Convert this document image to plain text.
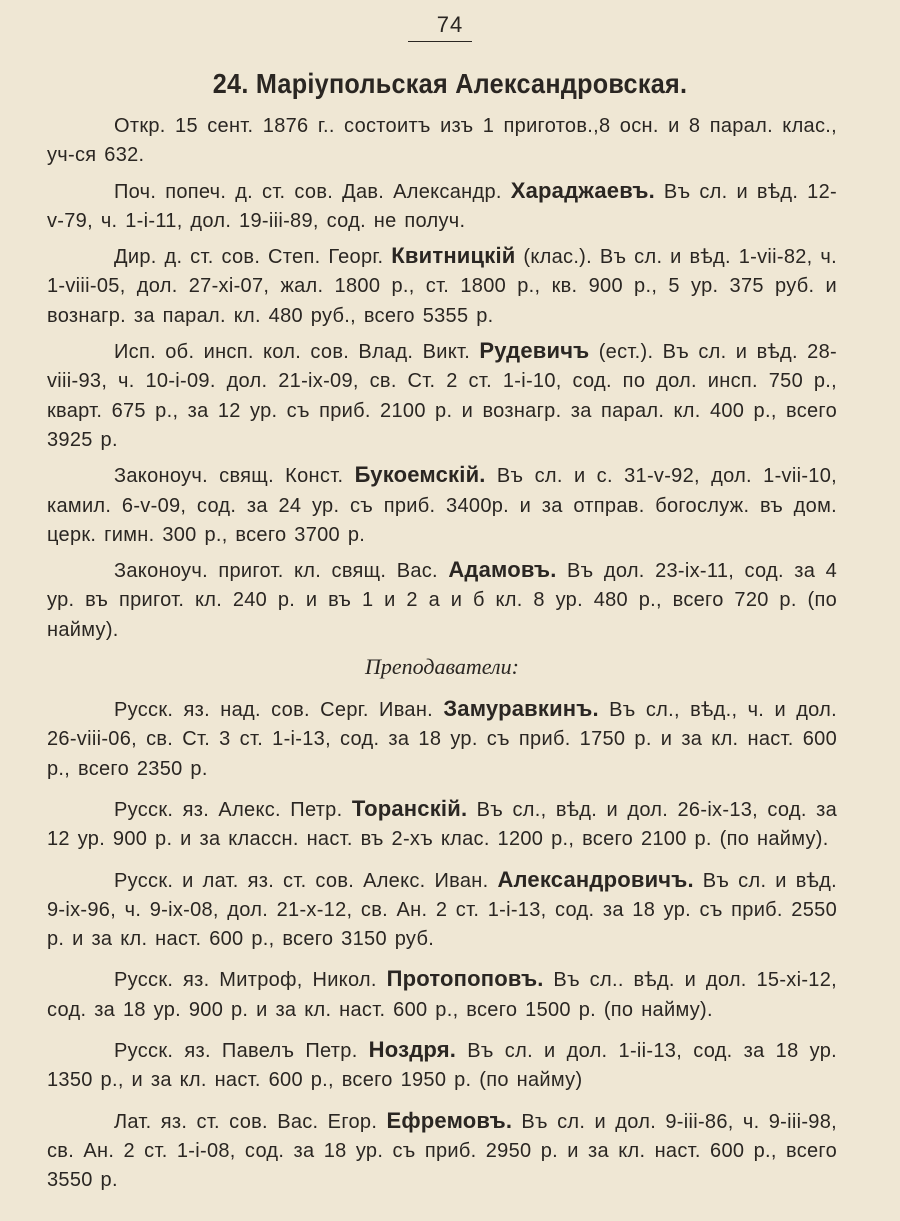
74
24. Маріупольская Александровская.

Откр. 15 сент. 1876 г.. состоитъ изъ 1 приготов.,8 осн. и 8 парал. клас., уч-ся 632.

Поч. попеч. д. ст. сов. Дав. Александр. Хараджаевъ. Въ сл. и вѣд. 12-v-79, ч. 1-i-11, дол. 19-iii-89, сод. не получ.

Дир. д. ст. сов. Степ. Георг. Квитницкій (клас.). Въ сл. и вѣд. 1-vii-82, ч. 1-viii-05, дол. 27-xi-07, жал. 1800 р., ст. 1800 р., кв. 900 р., 5 ур. 375 руб. и вознагр. за парал. кл. 480 руб., всего 5355 р.

Исп. об. инсп. кол. сов. Влад. Викт. Рудевичъ (ест.). Въ сл. и вѣд. 28-viii-93, ч. 10-i-09. дол. 21-ix-09, св. Ст. 2 ст. 1-i-10, сод. по дол. инсп. 750 р., кварт. 675 р., за 12 ур. съ приб. 2100 р. и вознагр. за парал. кл. 400 р., всего 3925 р.

Законоуч. свящ. Конст. Букоемскій. Въ сл. и с. 31-v-92, дол. 1-vii-10, камил. 6-v-09, сод. за 24 ур. съ приб. 3400р. и за отправ. богослуж. въ дом. церк. гимн. 300 р., всего 3700 р.

Законоуч. пригот. кл. свящ. Вас. Адамовъ. Въ дол. 23-ix-11, сод. за 4 ур. въ пригот. кл. 240 р. и въ 1 и 2 а и б кл. 8 ур. 480 р., всего 720 р. (по найму).

Преподаватели:

Русск. яз. над. сов. Серг. Иван. Замуравкинъ. Въ сл., вѣд., ч. и дол. 26-viii-06, св. Ст. 3 ст. 1-i-13, сод. за 18 ур. съ приб. 1750 р. и за кл. наст. 600 р., всего 2350 р.

Русск. яз. Алекс. Петр. Торанскій. Въ сл., вѣд. и дол. 26-ix-13, сод. за 12 ур. 900 р. и за классн. наст. въ 2-хъ клас. 1200 р., всего 2100 р. (по найму).

Русск. и лат. яз. ст. сов. Алекс. Иван. Александровичъ. Въ сл. и вѣд. 9-ix-96, ч. 9-ix-08, дол. 21-x-12, св. Ан. 2 ст. 1-i-13, сод. за 18 ур. съ приб. 2550 р. и за кл. наст. 600 р., всего 3150 руб.

Русск. яз. Митроф, Никол. Протопоповъ. Въ сл.. вѣд. и дол. 15-xi-12, сод. за 18 ур. 900 р. и за кл. наст. 600 р., всего 1500 р. (по найму).

Русск. яз. Павелъ Петр. Ноздря. Въ сл. и дол. 1-ii-13, сод. за 18 ур. 1350 р., и за кл. наст. 600 р., всего 1950 р. (по найму)

Лат. яз. ст. сов. Вас. Егор. Ефремовъ. Въ сл. и дол. 9-iii-86, ч. 9-iii-98, св. Ан. 2 ст. 1-i-08, сод. за 18 ур. съ приб. 2950 р. и за кл. наст. 600 р., всего 3550 р.
